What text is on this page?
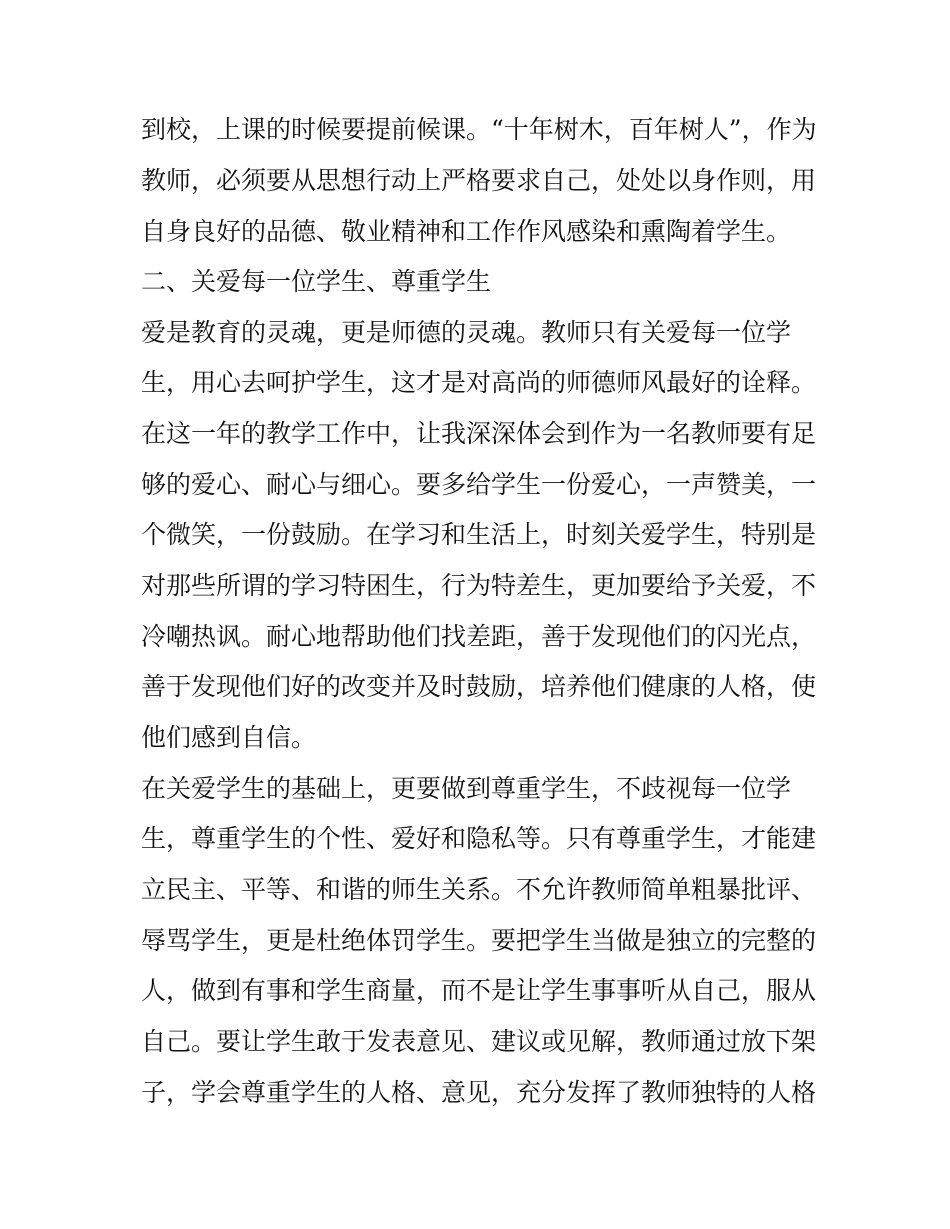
到校，上课的时候要提前候课。“十年树木，百年树人”，作为
教师，必须要从思想行动上严格要求自己，处处以身作则，用
自身良好的品德、敬业精神和工作作风感染和熏陶着学生。
二、关爱每一位学生、尊重学生
爱是教育的灵魂，更是师德的灵魂。教师只有关爱每一位学
生，用心去呵护学生，这才是对高尚的师德师风最好的诠释。
在这一年的教学工作中，让我深深体会到作为一名教师要有足
够的爱心、耐心与细心。要多给学生一份爱心，一声赞美，一
个微笑，一份鼓励。在学习和生活上，时刻关爱学生，特别是
对那些所谓的学习特困生，行为特差生，更加要给予关爱，不
冷嘲热讽。耐心地帮助他们找差距，善于发现他们的闪光点，
善于发现他们好的改变并及时鼓励，培养他们健康的人格，使
他们感到自信。
在关爱学生的基础上，更要做到尊重学生，不歧视每一位学
生，尊重学生的个性、爱好和隐私等。只有尊重学生，才能建
立民主、平等、和谐的师生关系。不允许教师简单粗暴批评、
辱骂学生，更是杜绝体罚学生。要把学生当做是独立的完整的
人，做到有事和学生商量，而不是让学生事事听从自己，服从
自己。要让学生敢于发表意见、建议或见解，教师通过放下架
子，学会尊重学生的人格、意见，充分发挥了教师独特的人格
